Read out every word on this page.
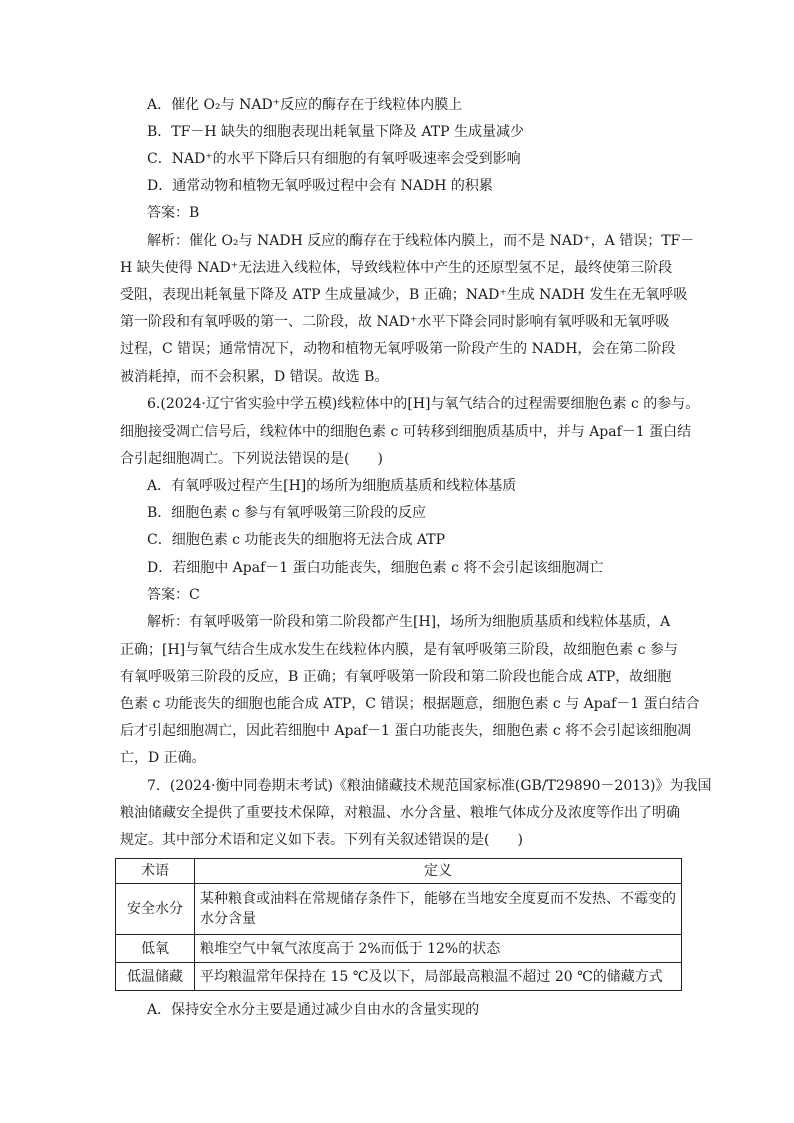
A．催化 O₂与 NAD⁺反应的酶存在于线粒体内膜上
B．TF－H 缺失的细胞表现出耗氧量下降及 ATP 生成量减少
C．NAD⁺的水平下降后只有细胞的有氧呼吸速率会受到影响
D．通常动物和植物无氧呼吸过程中会有 NADH 的积累
答案：B
解析：催化 O₂与 NADH 反应的酶存在于线粒体内膜上，而不是 NAD⁺，A 错误；TF－
H 缺失使得 NAD⁺无法进入线粒体，导致线粒体中产生的还原型氢不足，最终使第三阶段
受阻，表现出耗氧量下降及 ATP 生成量减少，B 正确；NAD⁺生成 NADH 发生在无氧呼吸
第一阶段和有氧呼吸的第一、二阶段，故 NAD⁺水平下降会同时影响有氧呼吸和无氧呼吸
过程，C 错误；通常情况下，动物和植物无氧呼吸第一阶段产生的 NADH，会在第二阶段
被消耗掉，而不会积累，D 错误。故选 B。
6.(2024·辽宁省实验中学五模)线粒体中的[H]与氧气结合的过程需要细胞色素 c 的参与。
细胞接受凋亡信号后，线粒体中的细胞色素 c 可转移到细胞质基质中，并与 Apaf－1 蛋白结
合引起细胞凋亡。下列说法错误的是(　　)
A．有氧呼吸过程产生[H]的场所为细胞质基质和线粒体基质
B．细胞色素 c 参与有氧呼吸第三阶段的反应
C．细胞色素 c 功能丧失的细胞将无法合成 ATP
D．若细胞中 Apaf－1 蛋白功能丧失，细胞色素 c 将不会引起该细胞凋亡
答案：C
解析：有氧呼吸第一阶段和第二阶段都产生[H]，场所为细胞质基质和线粒体基质，A
正确；[H]与氧气结合生成水发生在线粒体内膜，是有氧呼吸第三阶段，故细胞色素 c 参与
有氧呼吸第三阶段的反应，B 正确；有氧呼吸第一阶段和第二阶段也能合成 ATP，故细胞
色素 c 功能丧失的细胞也能合成 ATP，C 错误；根据题意，细胞色素 c 与 Apaf－1 蛋白结合
后才引起细胞凋亡，因此若细胞中 Apaf－1 蛋白功能丧失，细胞色素 c 将不会引起该细胞凋
亡，D 正确。
7．(2024·衡中同卷期末考试)《粮油储藏技术规范国家标准(GB/T29890－2013)》为我国
粮油储藏安全提供了重要技术保障，对粮温、水分含量、粮堆气体成分及浓度等作出了明确
规定。其中部分术语和定义如下表。下列有关叙述错误的是(　　)
术语	定义
安全水分	某种粮食或油料在常规储存条件下，能够在当地安全度夏而不发热、不霉变的水分含量
低氧	粮堆空气中氧气浓度高于 2%而低于 12%的状态
低温储藏	平均粮温常年保持在 15 ℃及以下，局部最高粮温不超过 20 ℃的储藏方式
A．保持安全水分主要是通过减少自由水的含量实现的
